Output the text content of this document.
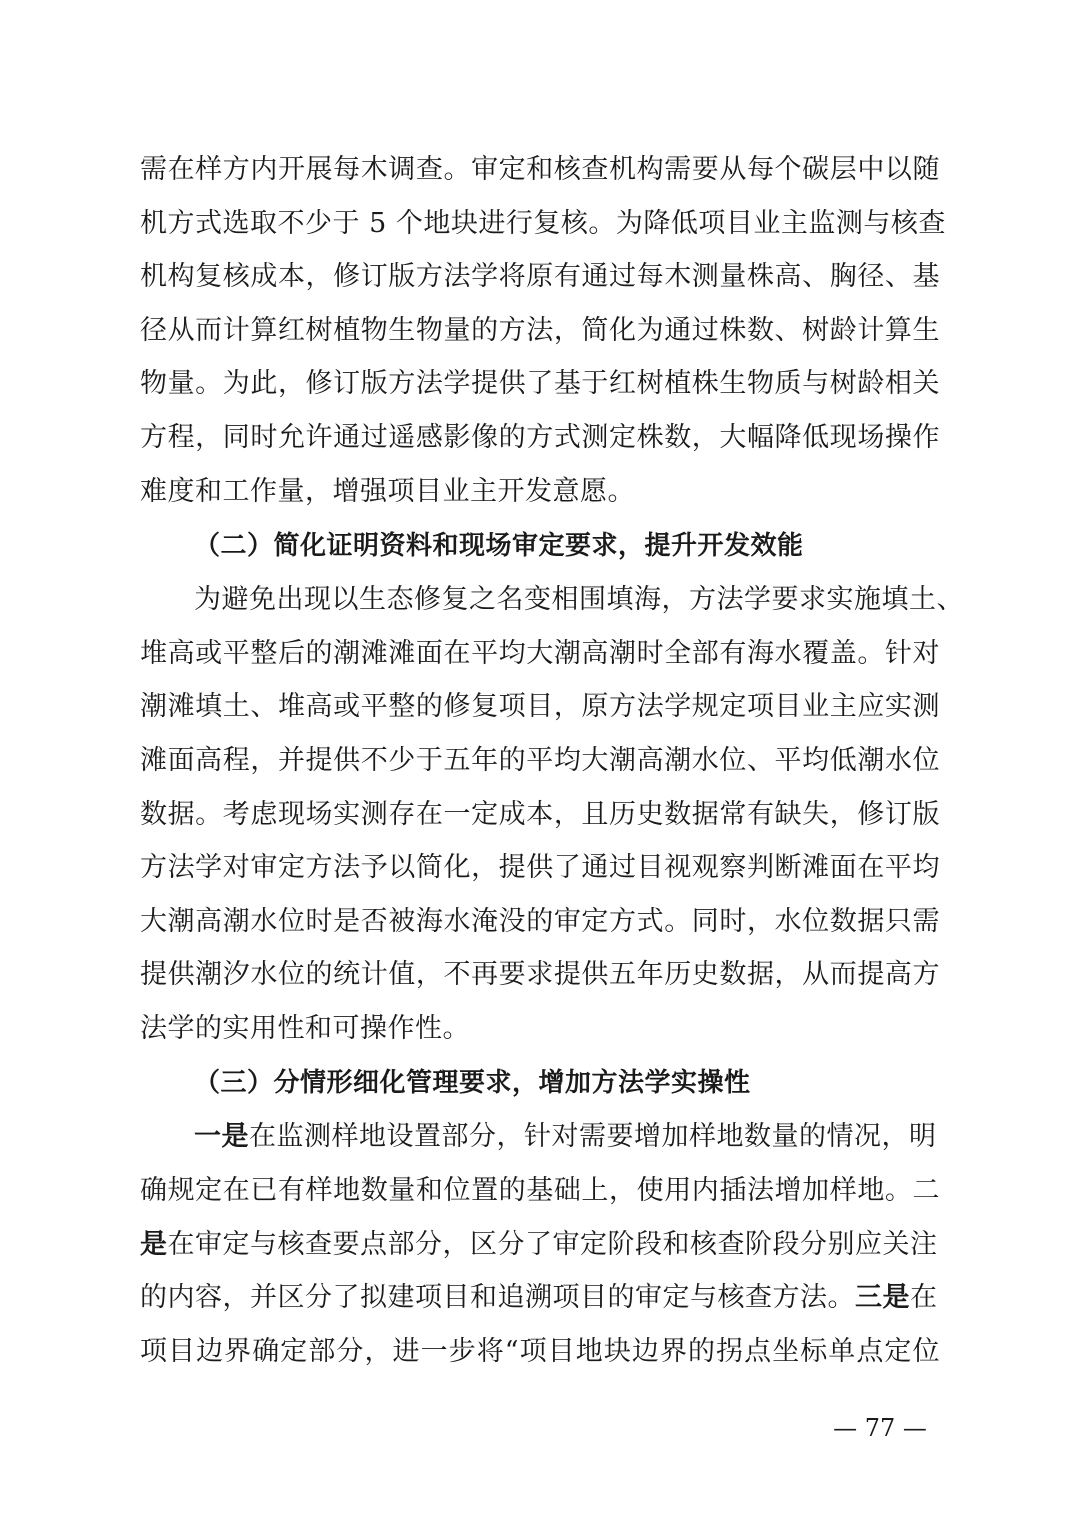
需在样方内开展每木调查。审定和核查机构需要从每个碳层中以随
机方式选取不少于 5 个地块进行复核。为降低项目业主监测与核查
机构复核成本，修订版方法学将原有通过每木测量株高、胸径、基
径从而计算红树植物生物量的方法，简化为通过株数、树龄计算生
物量。为此，修订版方法学提供了基于红树植株生物质与树龄相关
方程，同时允许通过遥感影像的方式测定株数，大幅降低现场操作
难度和工作量，增强项目业主开发意愿。
（二）简化证明资料和现场审定要求，提升开发效能
为避免出现以生态修复之名变相围填海，方法学要求实施填土、
堆高或平整后的潮滩滩面在平均大潮高潮时全部有海水覆盖。针对
潮滩填土、堆高或平整的修复项目，原方法学规定项目业主应实测
滩面高程，并提供不少于五年的平均大潮高潮水位、平均低潮水位
数据。考虑现场实测存在一定成本，且历史数据常有缺失，修订版
方法学对审定方法予以简化，提供了通过目视观察判断滩面在平均
大潮高潮水位时是否被海水淹没的审定方式。同时，水位数据只需
提供潮汐水位的统计值，不再要求提供五年历史数据，从而提高方
法学的实用性和可操作性。
（三）分情形细化管理要求，增加方法学实操性
一是在监测样地设置部分，针对需要增加样地数量的情况，明
确规定在已有样地数量和位置的基础上，使用内插法增加样地。二
是在审定与核查要点部分，区分了审定阶段和核查阶段分别应关注
的内容，并区分了拟建项目和追溯项目的审定与核查方法。三是在
项目边界确定部分，进一步将“项目地块边界的拐点坐标单点定位
— 77 —
